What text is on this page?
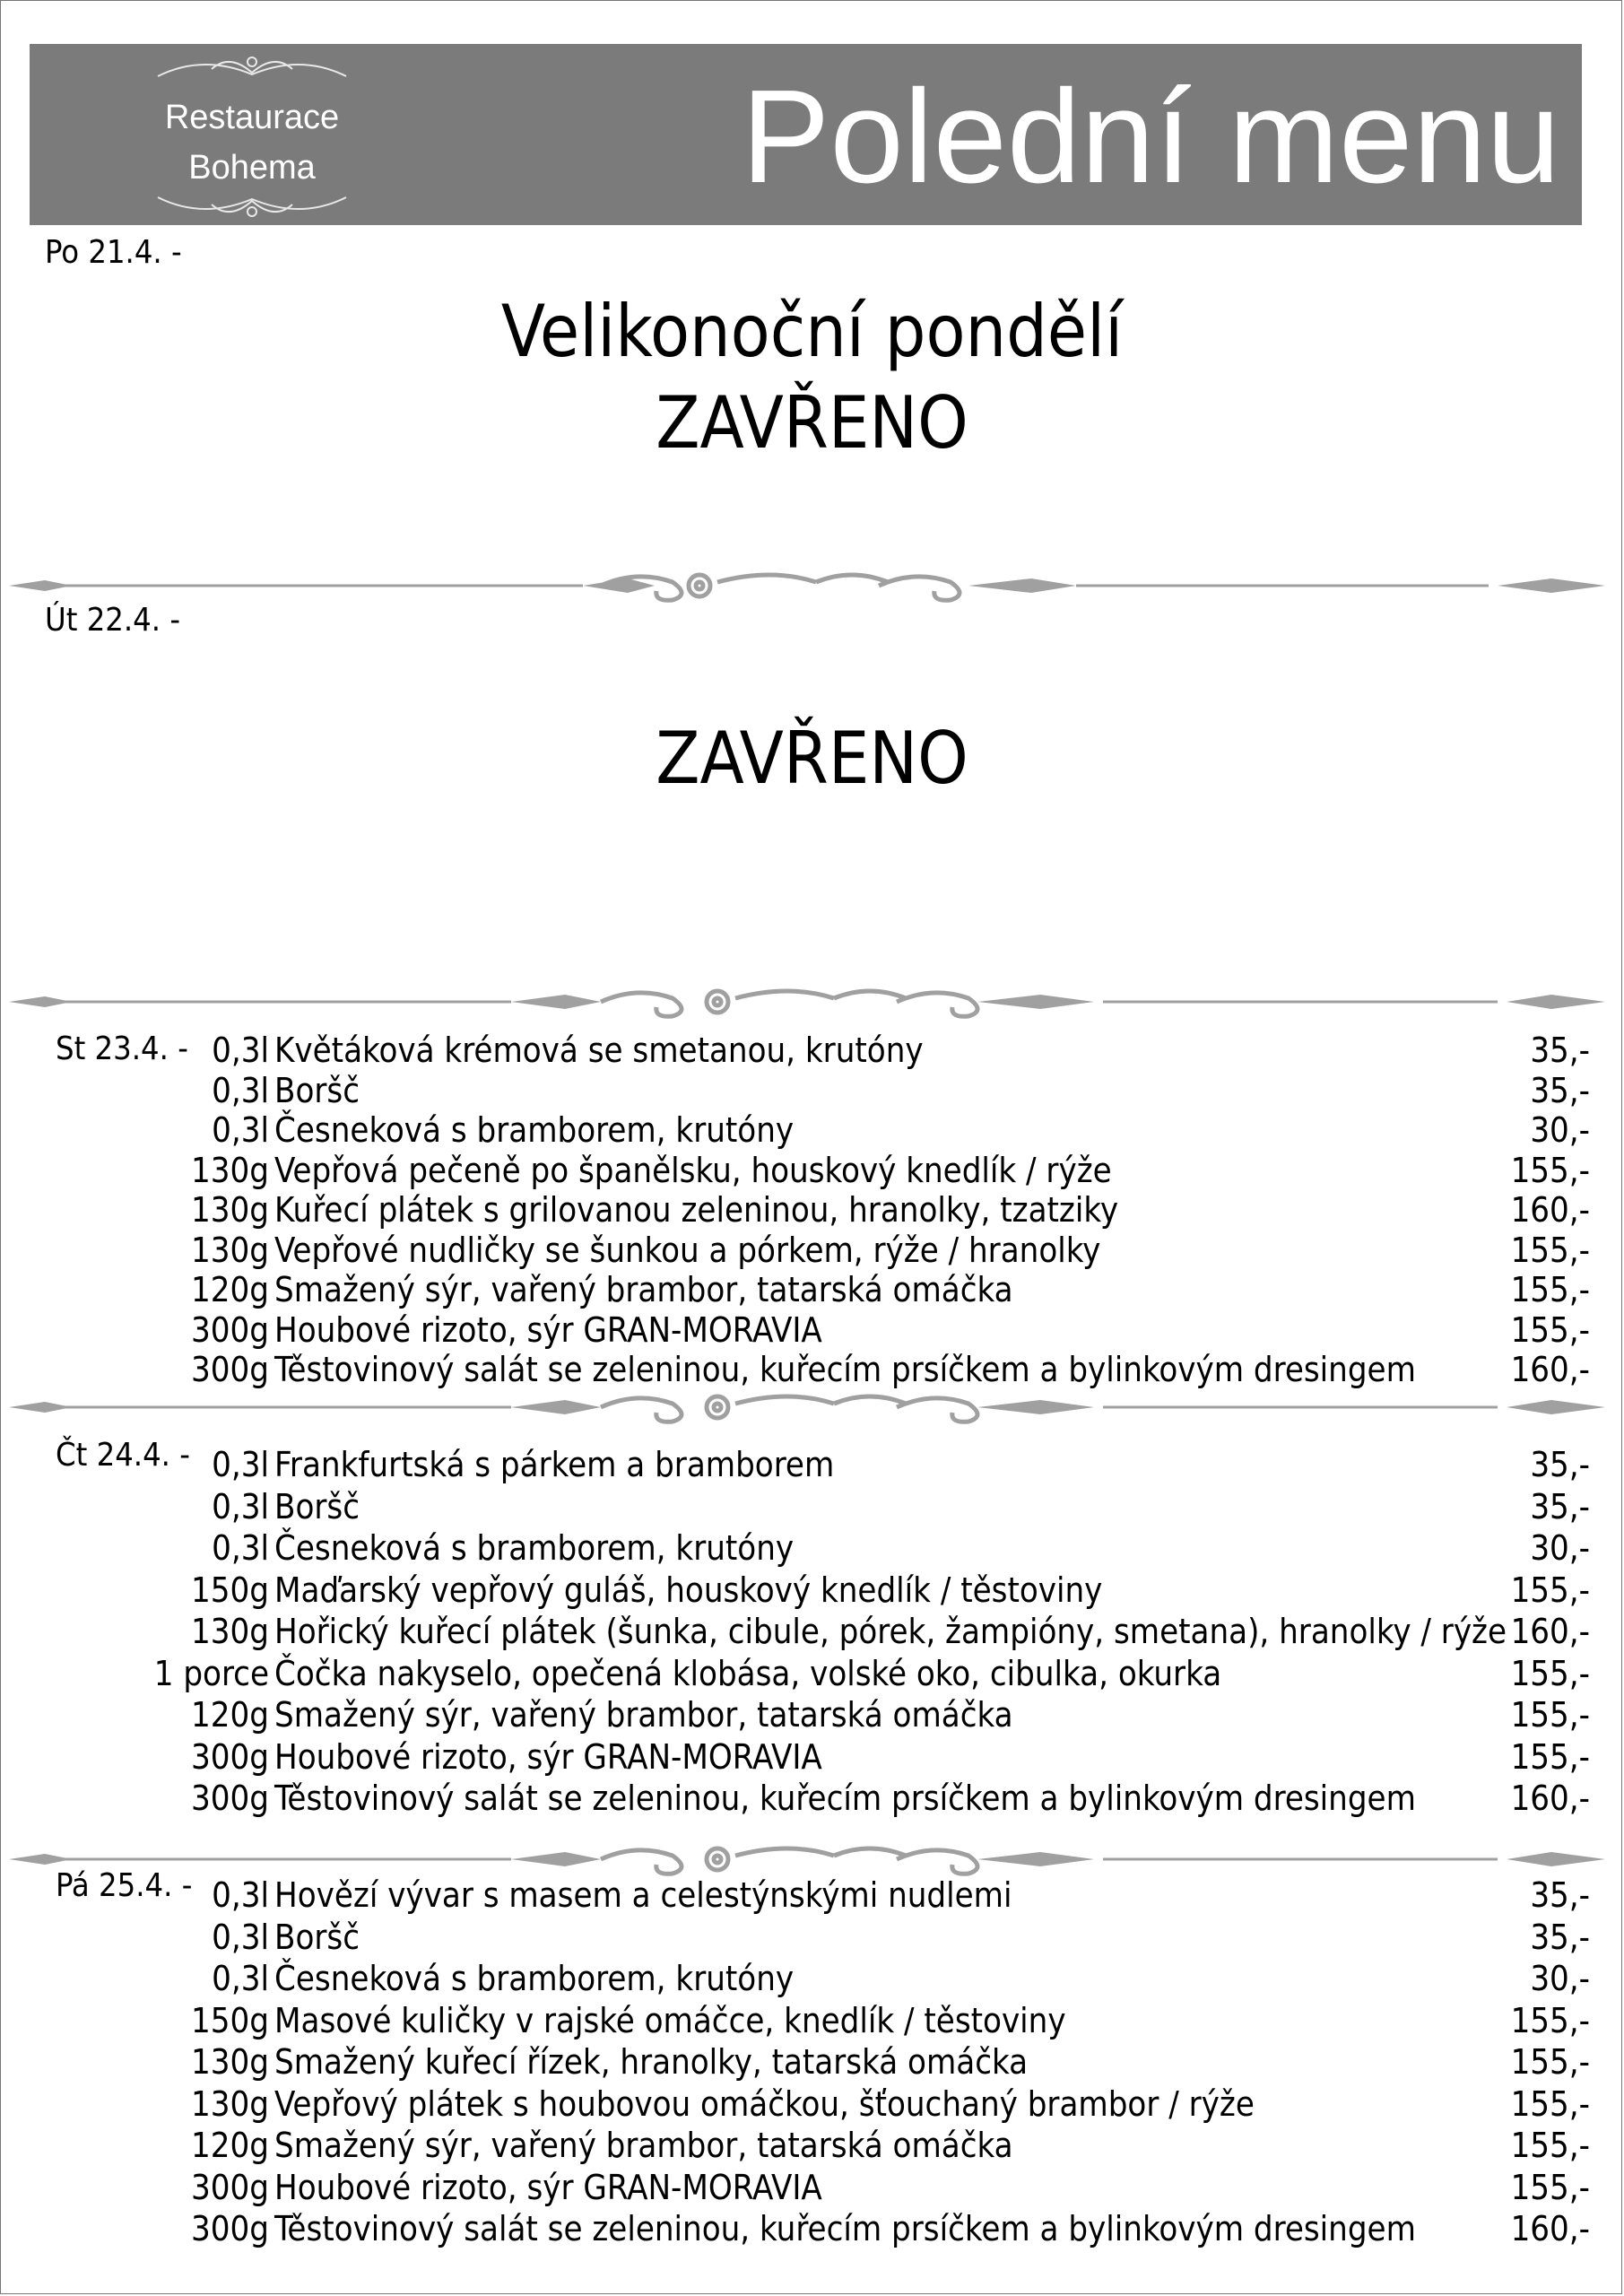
Restaurace
Bohema	Polední menu
Po 21.4. -
Velikonoční pondělí
ZAVŘENO
Út 22.4. -
ZAVŘENO
St 23.4. - 0,3l Květáková krémová se smetanou, krutóny	35,-
0,3l Boršč	35,-
0,3l Česneková s bramborem, krutóny	30,-
130g Vepřová pečeně po španělsku, houskový knedlík / rýže	155,-
130g Kuřecí plátek s grilovanou zeleninou, hranolky, tzatziky	160,-
130g Vepřové nudličky se šunkou a pórkem, rýže / hranolky	155,-
120g Smažený sýr, vařený brambor, tatarská omáčka	155,-
300g Houbové rizoto, sýr GRAN-MORAVIA	155,-
300g Těstovinový salát se zeleninou, kuřecím prsíčkem a bylinkovým dresingem	160,-
Čt 24.4. - 0,3l Frankfurtská s párkem a bramborem	35,-
0,3l Boršč	35,-
0,3l Česneková s bramborem, krutóny	30,-
150g Maďarský vepřový guláš, houskový knedlík / těstoviny	155,-
130g Hořický kuřecí plátek (šunka, cibule, pórek, žampióny, smetana), hranolky / rýže 160,-
1 porce Čočka nakyselo, opečená klobása, volské oko, cibulka, okurka	155,-
120g Smažený sýr, vařený brambor, tatarská omáčka	155,-
300g Houbové rizoto, sýr GRAN-MORAVIA	155,-
300g Těstovinový salát se zeleninou, kuřecím prsíčkem a bylinkovým dresingem	160,-
Pá 25.4. - 0,3l Hovězí vývar s masem a celestýnskými nudlemi	35,-
0,3l Boršč	35,-
0,3l Česneková s bramborem, krutóny	30,-
150g Masové kuličky v rajské omáčce, knedlík / těstoviny	155,-
130g Smažený kuřecí řízek, hranolky, tatarská omáčka	155,-
130g Vepřový plátek s houbovou omáčkou, šťouchaný brambor / rýže	155,-
120g Smažený sýr, vařený brambor, tatarská omáčka	155,-
300g Houbové rizoto, sýr GRAN-MORAVIA	155,-
300g Těstovinový salát se zeleninou, kuřecím prsíčkem a bylinkovým dresingem	160,-
